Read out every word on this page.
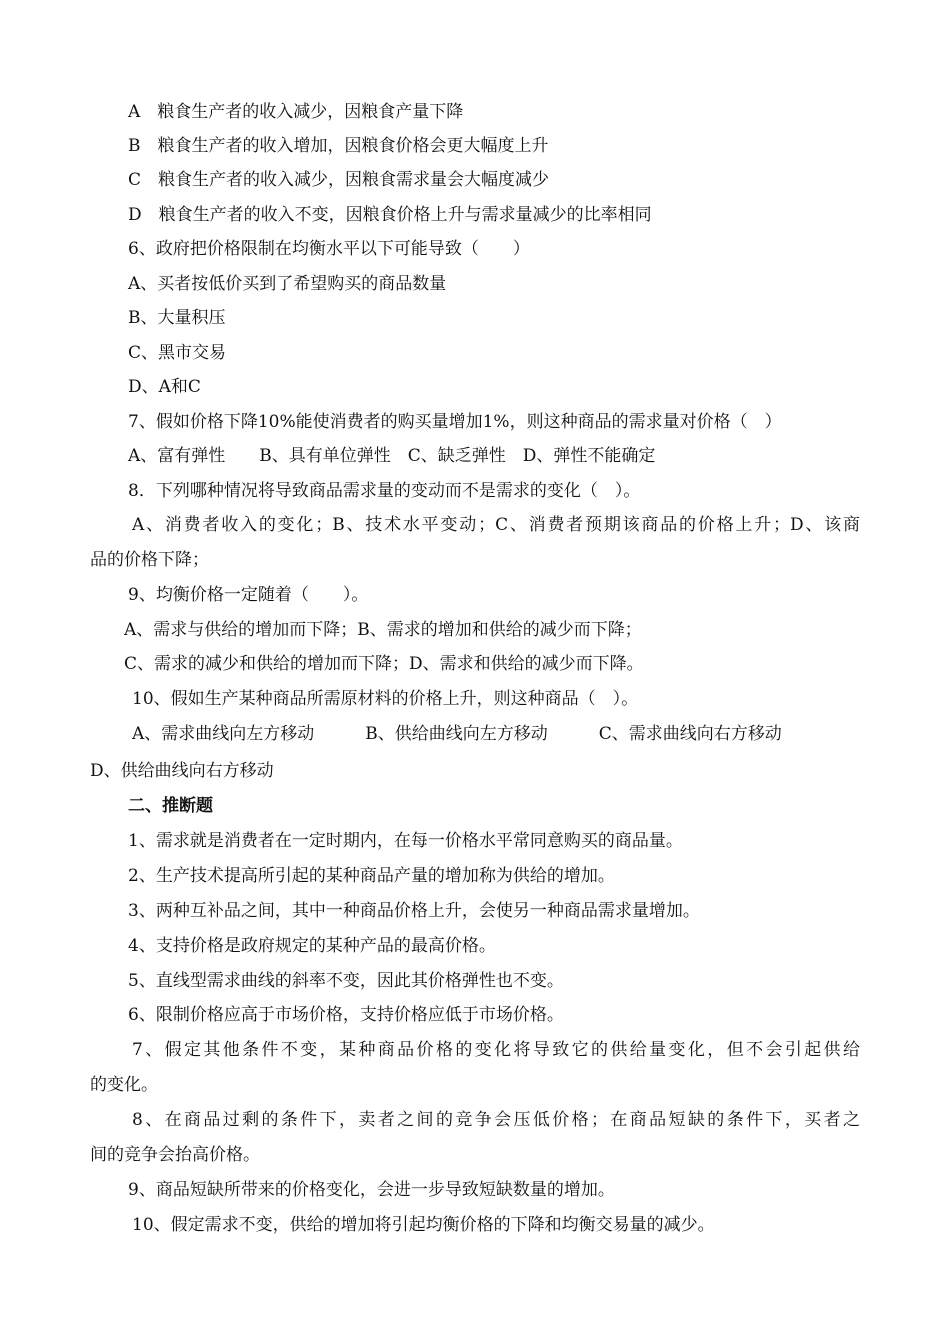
A　粮食生产者的收入减少，因粮食产量下降
B　粮食生产者的收入增加，因粮食价格会更大幅度上升
C　粮食生产者的收入减少，因粮食需求量会大幅度减少
D　粮食生产者的收入不变，因粮食价格上升与需求量减少的比率相同
6、政府把价格限制在均衡水平以下可能导致（　　）
A、买者按低价买到了希望购买的商品数量
B、大量积压
C、黑市交易
D、A和C
7、假如价格下降10%能使消费者的购买量增加1%，则这种商品的需求量对价格（　）
A、富有弹性　　B、具有单位弹性　C、缺乏弹性　D、弹性不能确定
8．下列哪种情况将导致商品需求量的变动而不是需求的变化（　）。
A、消费者收入的变化；B、技术水平变动；C、消费者预期该商品的价格上升；D、该商
品的价格下降；
9、均衡价格一定随着（　　）。
A、需求与供给的增加而下降；B、需求的增加和供给的减少而下降；
C、需求的减少和供给的增加而下降；D、需求和供给的减少而下降。
10、假如生产某种商品所需原材料的价格上升，则这种商品（　）。
A、需求曲线向左方移动　　　B、供给曲线向左方移动　　　C、需求曲线向右方移动
D、供给曲线向右方移动
二、推断题
1、需求就是消费者在一定时期内，在每一价格水平常同意购买的商品量。
2、生产技术提高所引起的某种商品产量的增加称为供给的增加。
3、两种互补品之间，其中一种商品价格上升，会使另一种商品需求量增加。
4、支持价格是政府规定的某种产品的最高价格。
5、直线型需求曲线的斜率不变，因此其价格弹性也不变。
6、限制价格应高于市场价格，支持价格应低于市场价格。
7、假定其他条件不变，某种商品价格的变化将导致它的供给量变化，但不会引起供给
的变化。
8、在商品过剩的条件下，卖者之间的竞争会压低价格；在商品短缺的条件下，买者之
间的竞争会抬高价格。
9、商品短缺所带来的价格变化，会进一步导致短缺数量的增加。
10、假定需求不变，供给的增加将引起均衡价格的下降和均衡交易量的减少。
